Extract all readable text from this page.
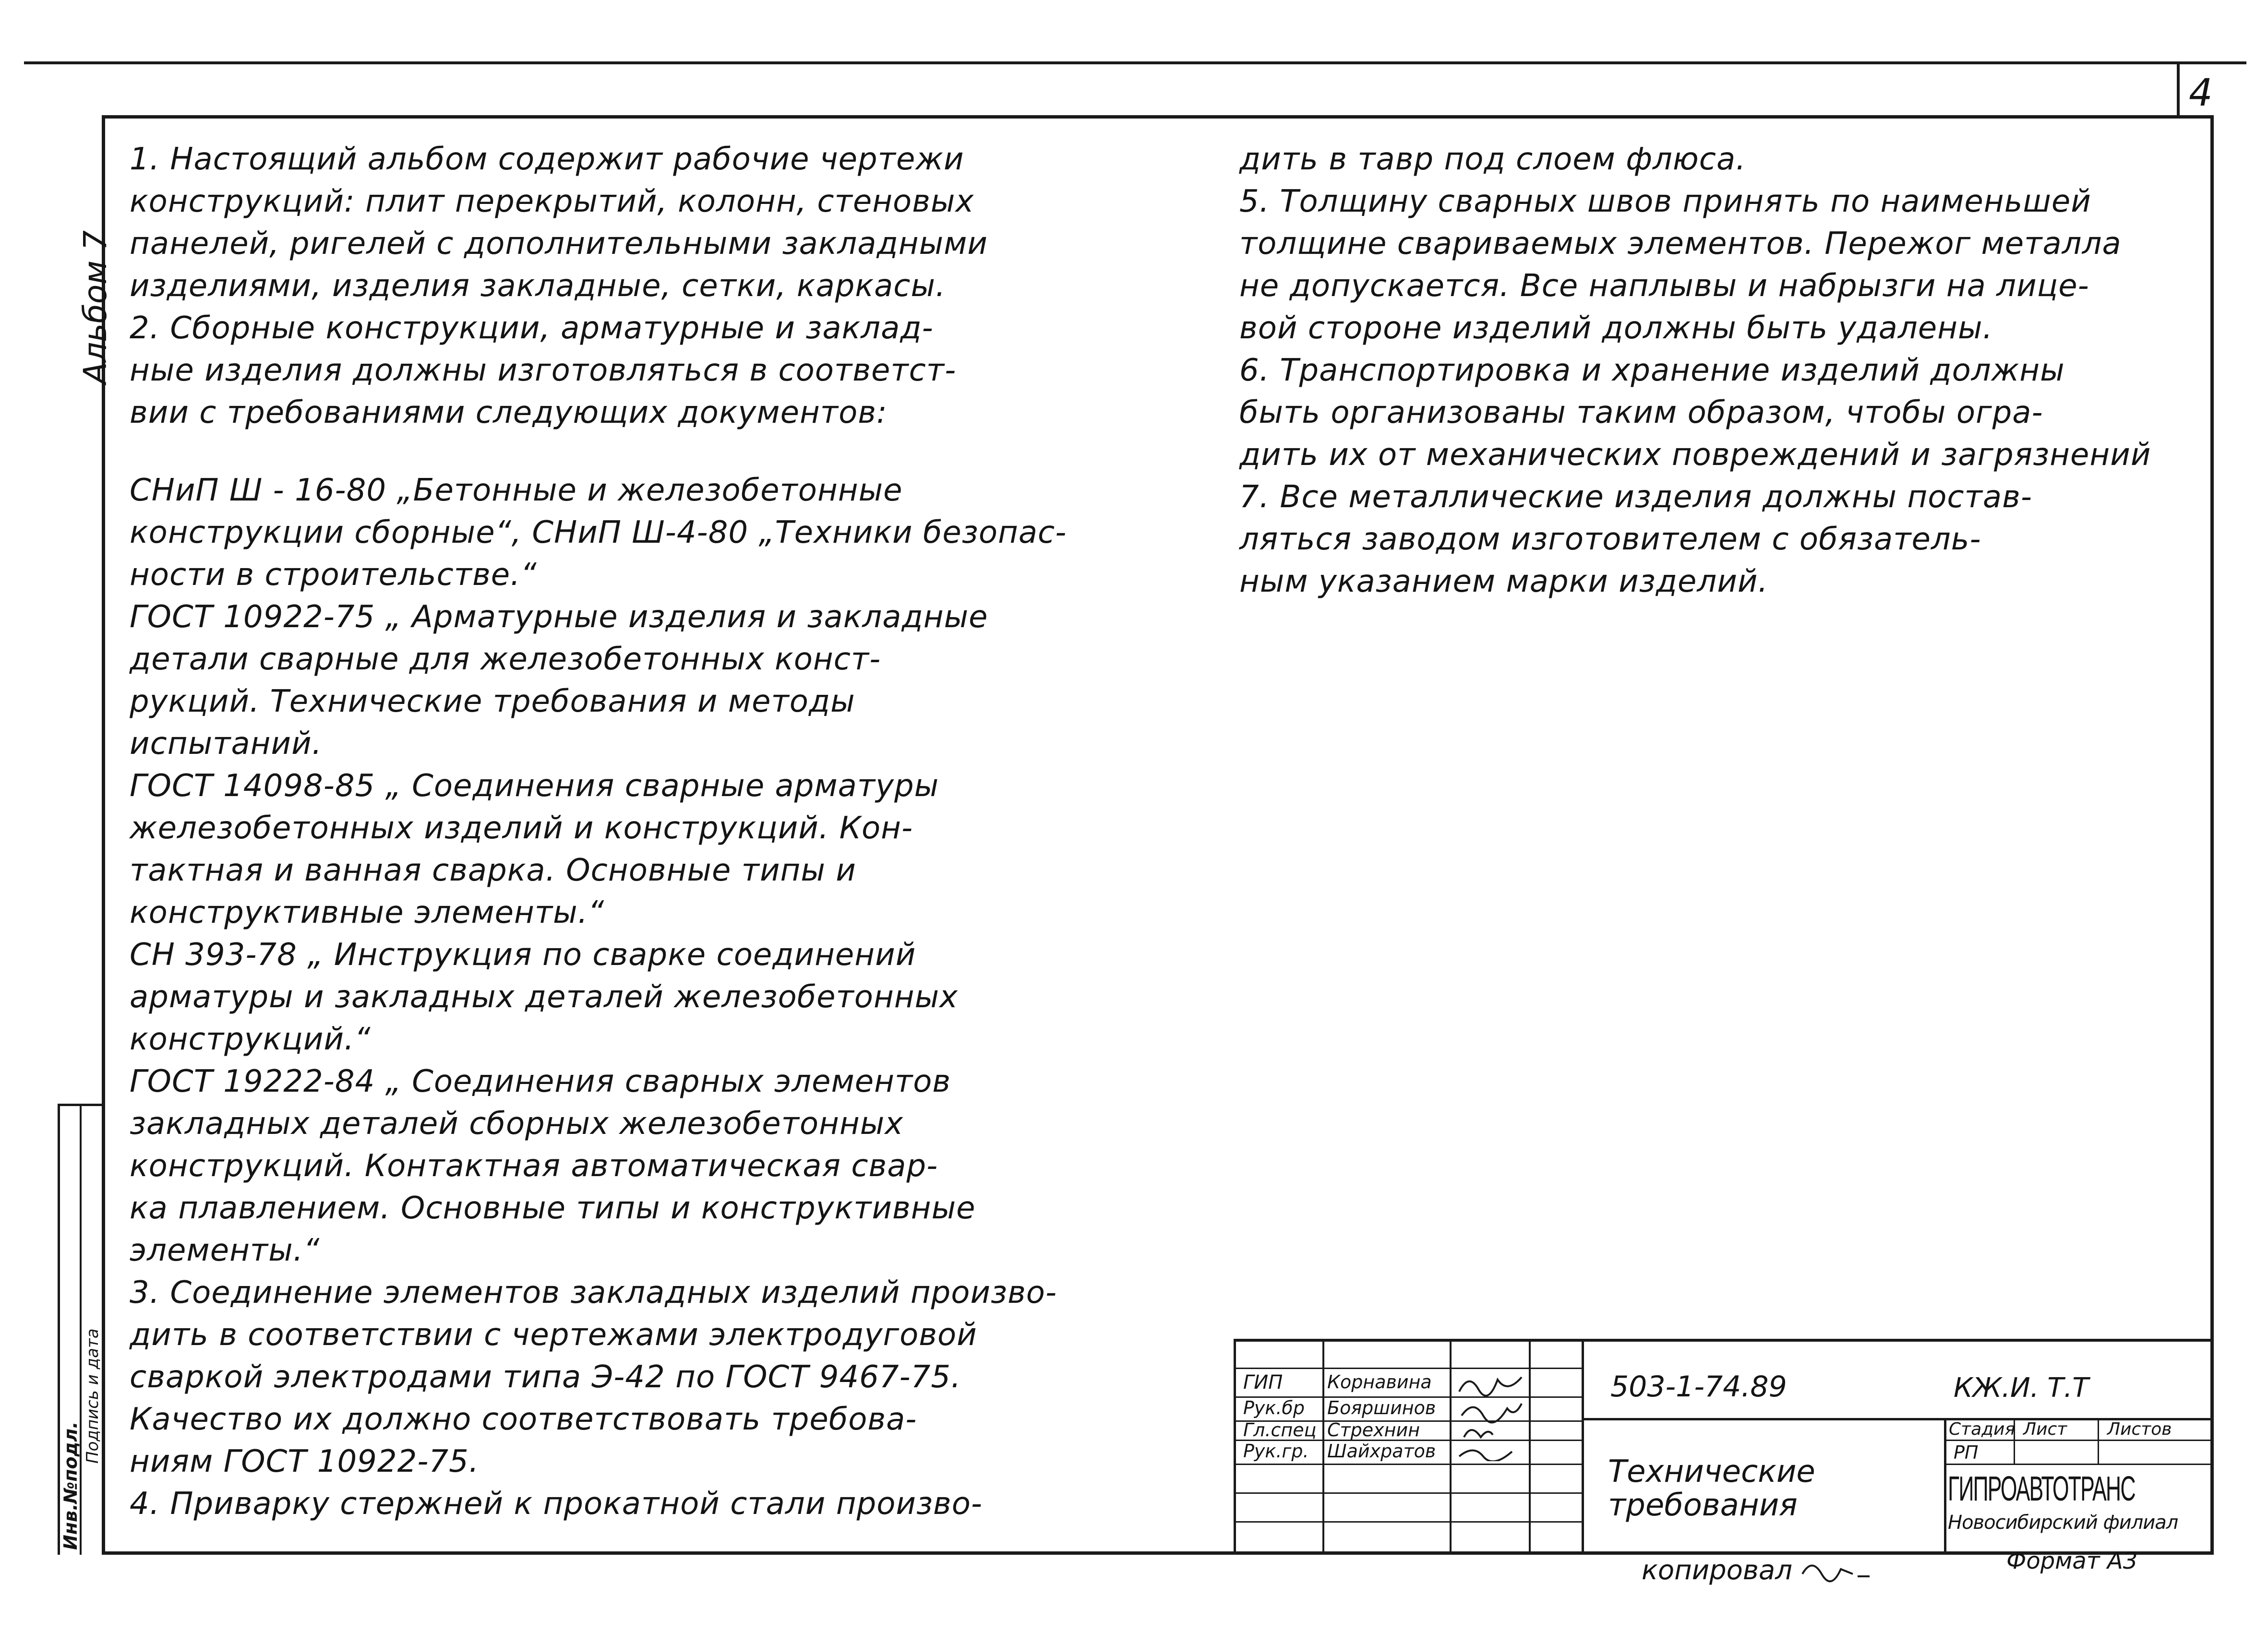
4
Альбом 7
Инв.№подл.
Подпись и дата
1. Настоящий альбом содержит рабочие чертежи
конструкций: плит перекрытий, колонн, стеновых
панелей, ригелей с дополнительными закладными
изделиями, изделия закладные, сетки, каркасы.
2. Сборные конструкции, арматурные и заклад-
ные изделия должны изготовляться в соответст-
вии с требованиями следующих документов:
СНиП Ш - 16-80 „Бетонные и железобетонные
конструкции сборные“, СНиП Ш-4-80 „Техники безопас-
ности в строительстве.“
ГОСТ 10922-75 „ Арматурные изделия и закладные
детали сварные для железобетонных конст-
рукций. Технические требования и методы
испытаний.
ГОСТ 14098-85 „ Соединения сварные арматуры
железобетонных изделий и конструкций. Кон-
тактная и ванная сварка. Основные типы и
конструктивные элементы.“
СН 393-78 „ Инструкция по сварке соединений
арматуры и закладных деталей железобетонных
конструкций.“
ГОСТ 19222-84 „ Соединения сварных элементов
закладных деталей сборных железобетонных
конструкций. Контактная автоматическая свар-
ка плавлением. Основные типы и конструктивные
элементы.“
3. Соединение элементов закладных изделий произво-
дить в соответствии с чертежами электродуговой
сваркой электродами типа Э-42 по ГОСТ 9467-75.
Качество их должно соответствовать требова-
ниям ГОСТ 10922-75.
4. Приварку стержней к прокатной стали произво-
дить в тавр под слоем флюса.
5. Толщину сварных швов принять по наименьшей
толщине свариваемых элементов. Пережог металла
не допускается. Все наплывы и набрызги на лице-
вой стороне изделий должны быть удалены.
6. Транспортировка и хранение изделий должны
быть организованы таким образом, чтобы огра-
дить их от механических повреждений и загрязнений
7. Все металлические изделия должны постав-
ляться заводом изготовителем с обязатель-
ным указанием марки изделий.
ГИП
Рук.бр
Гл.спец
Рук.гр.
Корнавина
Бояршинов
Стрехнин
Шайхратов
503-1-74.89	КЖ.И. Т.Т
Технические
требования
Стадия Лист Листов
РП
ГИПРОАВТОТРАНС
Новосибирский филиал
копировал	Формат А3
